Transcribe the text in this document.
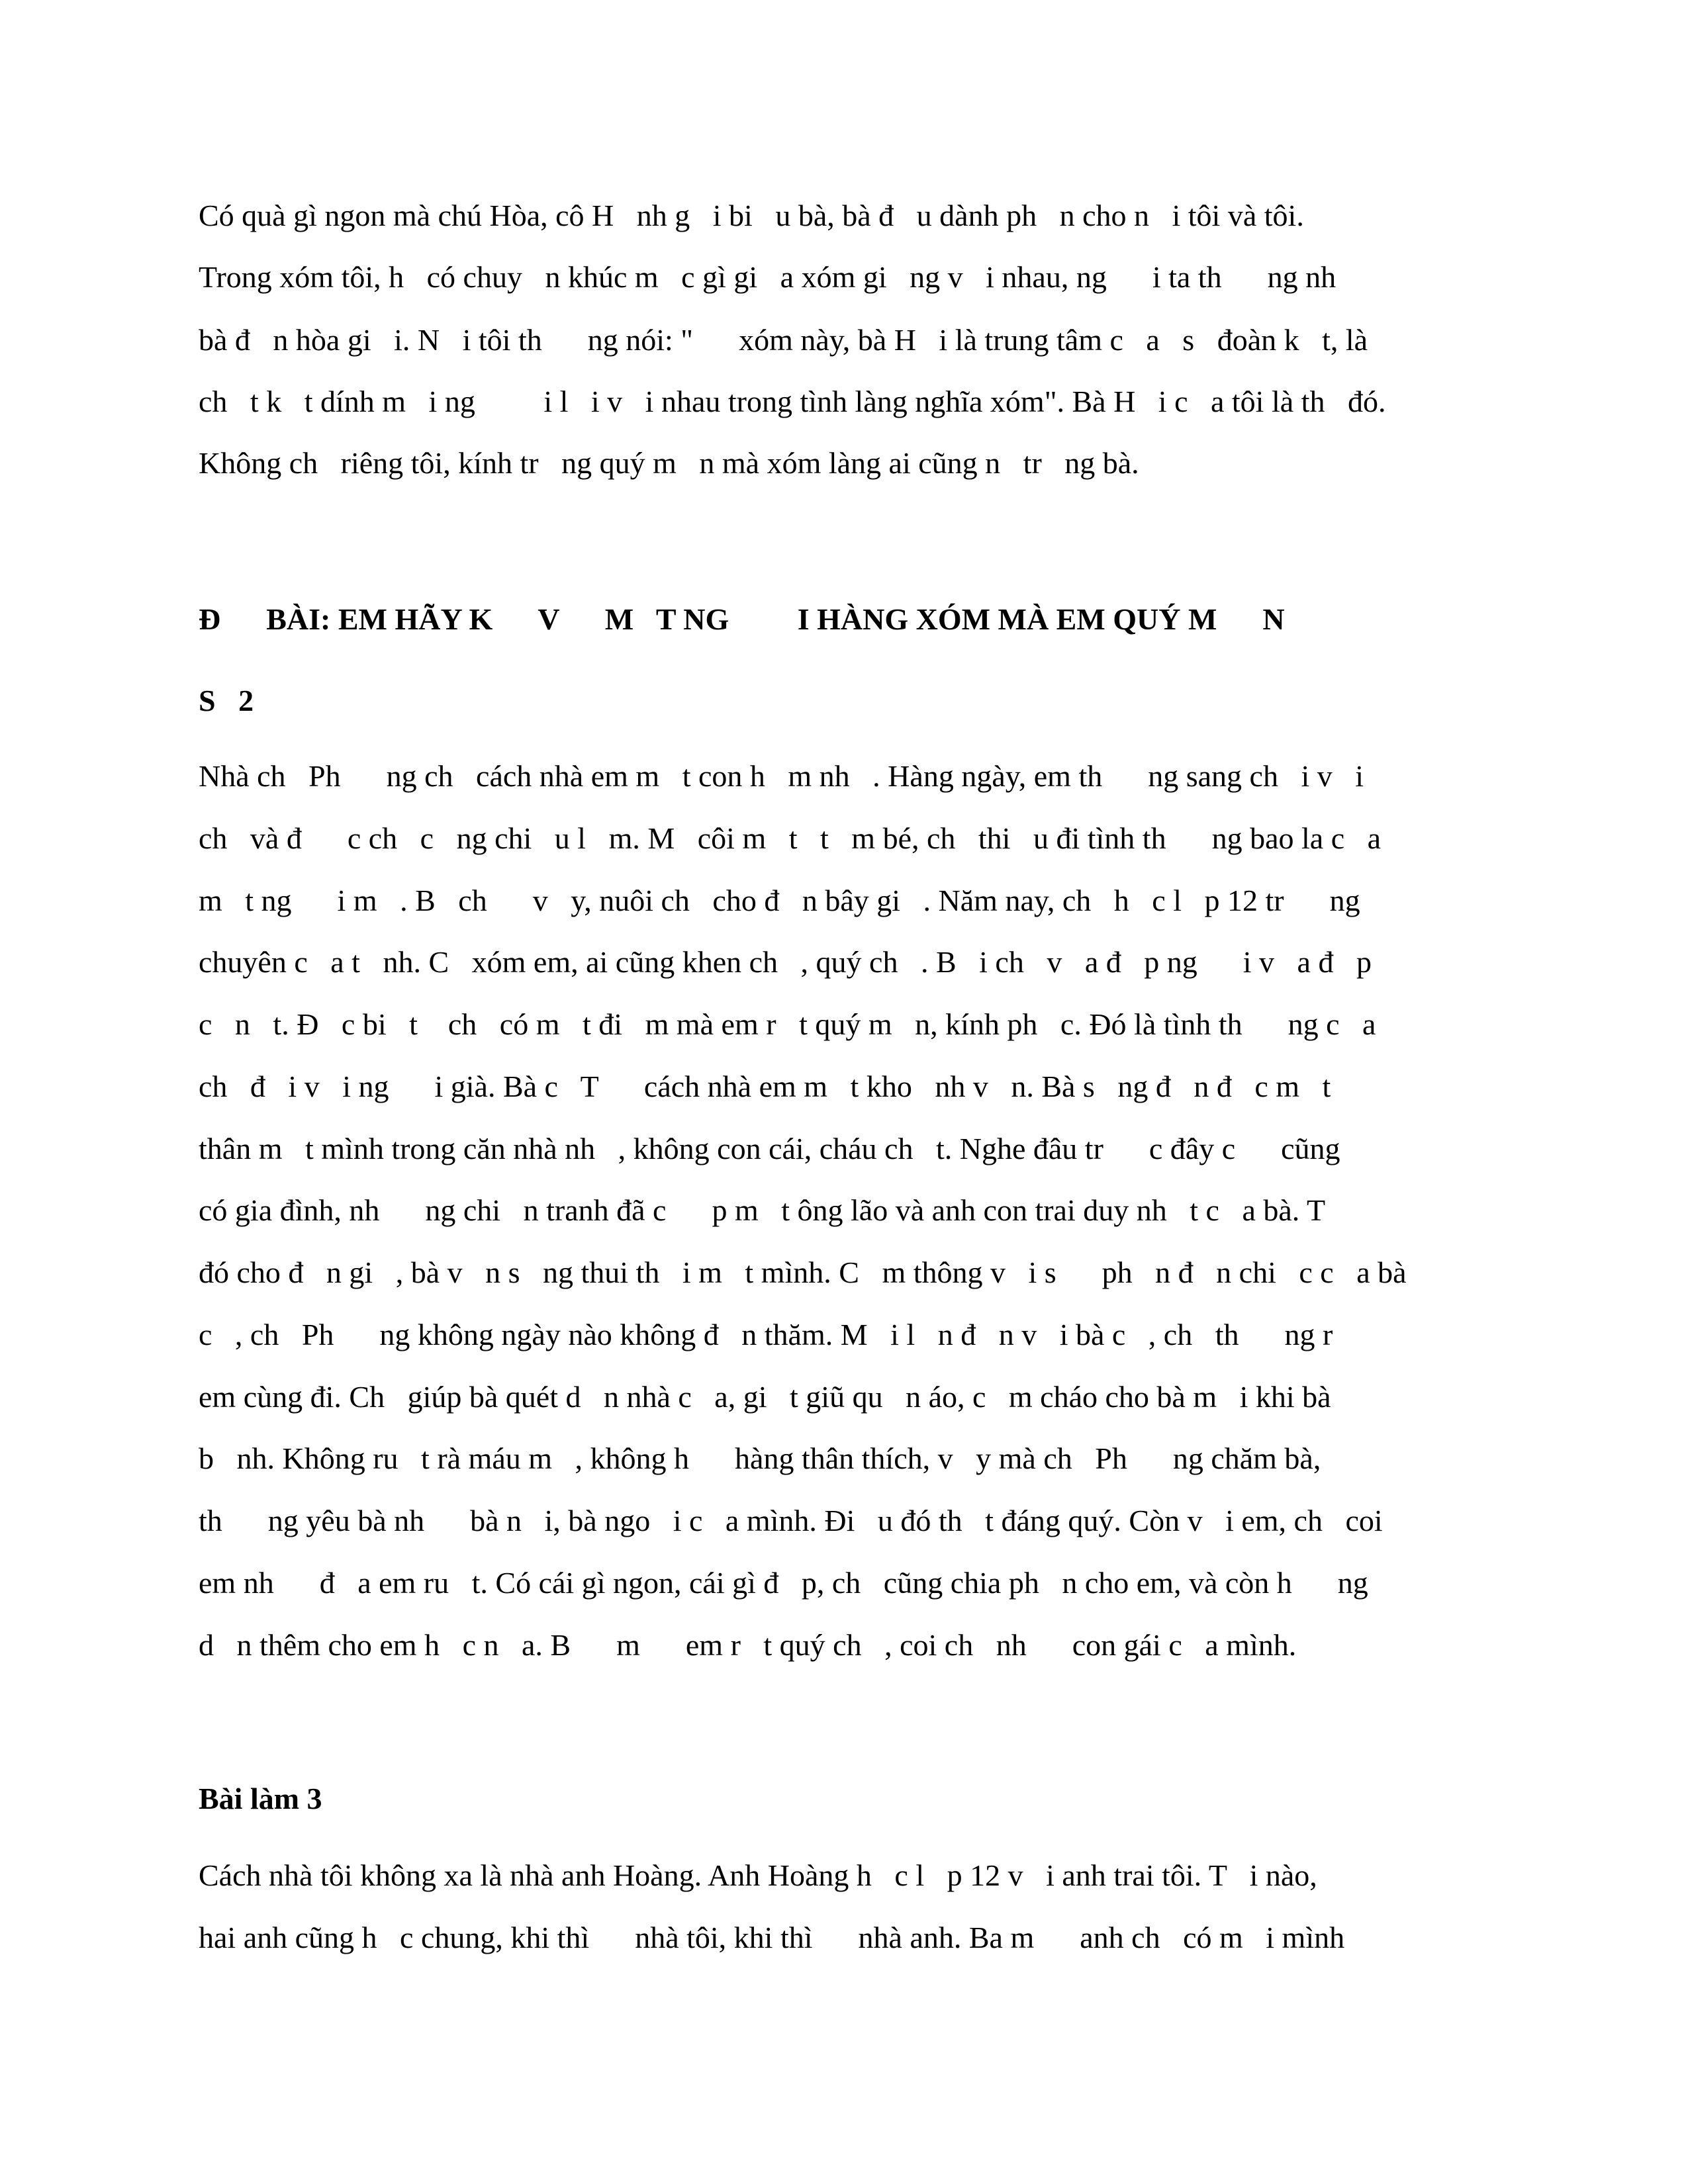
Có quà gì ngon mà chú Hòa, cô H   nh g   i bi   u bà, bà đ   u dành ph   n cho n   i tôi và tôi.
Trong xóm tôi, h   có chuy   n khúc m   c gì gi   a xóm gi   ng v   i nhau, ng      i ta th      ng nh
bà đ   n hòa gi   i. N   i tôi th      ng nói: "      xóm này, bà H   i là trung tâm c   a   s   đoàn k   t, là
ch   t k   t dính m   i ng         i l   i v   i nhau trong tình làng nghĩa xóm". Bà H   i c   a tôi là th   đó.
Không ch   riêng tôi, kính tr   ng quý m   n mà xóm làng ai cũng n   tr   ng bà.
Đ      BÀI: EM HÃY K      V      M   T NG         I HÀNG XÓM MÀ EM QUÝ M      N
S   2
Nhà ch   Ph      ng ch   cách nhà em m   t con h   m nh   . Hàng ngày, em th      ng sang ch   i v   i
ch   và đ      c ch   c   ng chi   u l   m. M   côi m   t   t   m bé, ch   thi   u đi tình th      ng bao la c   a
m   t ng      i m   . B   ch      v   y, nuôi ch   cho đ   n bây gi   . Năm nay, ch   h   c l   p 12 tr      ng
chuyên c   a t   nh. C   xóm em, ai cũng khen ch   , quý ch   . B   i ch   v   a đ   p ng      i v   a đ   p
c   n   t. Đ   c bi   t    ch   có m   t đi   m mà em r   t quý m   n, kính ph   c. Đó là tình th      ng c   a
ch   đ   i v   i ng      i già. Bà c   T      cách nhà em m   t kho   nh v   n. Bà s   ng đ   n đ   c m   t
thân m   t mình trong căn nhà nh   , không con cái, cháu ch   t. Nghe đâu tr      c đây c      cũng
có gia đình, nh      ng chi   n tranh đã c      p m   t ông lão và anh con trai duy nh   t c   a bà. T
đó cho đ   n gi   , bà v   n s   ng thui th   i m   t mình. C   m thông v   i s      ph   n đ   n chi   c c   a bà
c   , ch   Ph      ng không ngày nào không đ   n thăm. M   i l   n đ   n v   i bà c   , ch   th      ng r
em cùng đi. Ch   giúp bà quét d   n nhà c   a, gi   t giũ qu   n áo, c   m cháo cho bà m   i khi bà
b   nh. Không ru   t rà máu m   , không h      hàng thân thích, v   y mà ch   Ph      ng chăm bà,
th      ng yêu bà nh      bà n   i, bà ngo   i c   a mình. Đi   u đó th   t đáng quý. Còn v   i em, ch   coi
em nh      đ   a em ru   t. Có cái gì ngon, cái gì đ   p, ch   cũng chia ph   n cho em, và còn h      ng
d   n thêm cho em h   c n   a. B      m      em r   t quý ch   , coi ch   nh      con gái c   a mình.
Bài làm 3
Cách nhà tôi không xa là nhà anh Hoàng. Anh Hoàng h   c l   p 12 v   i anh trai tôi. T   i nào,
hai anh cũng h   c chung, khi thì      nhà tôi, khi thì      nhà anh. Ba m      anh ch   có m   i mình
